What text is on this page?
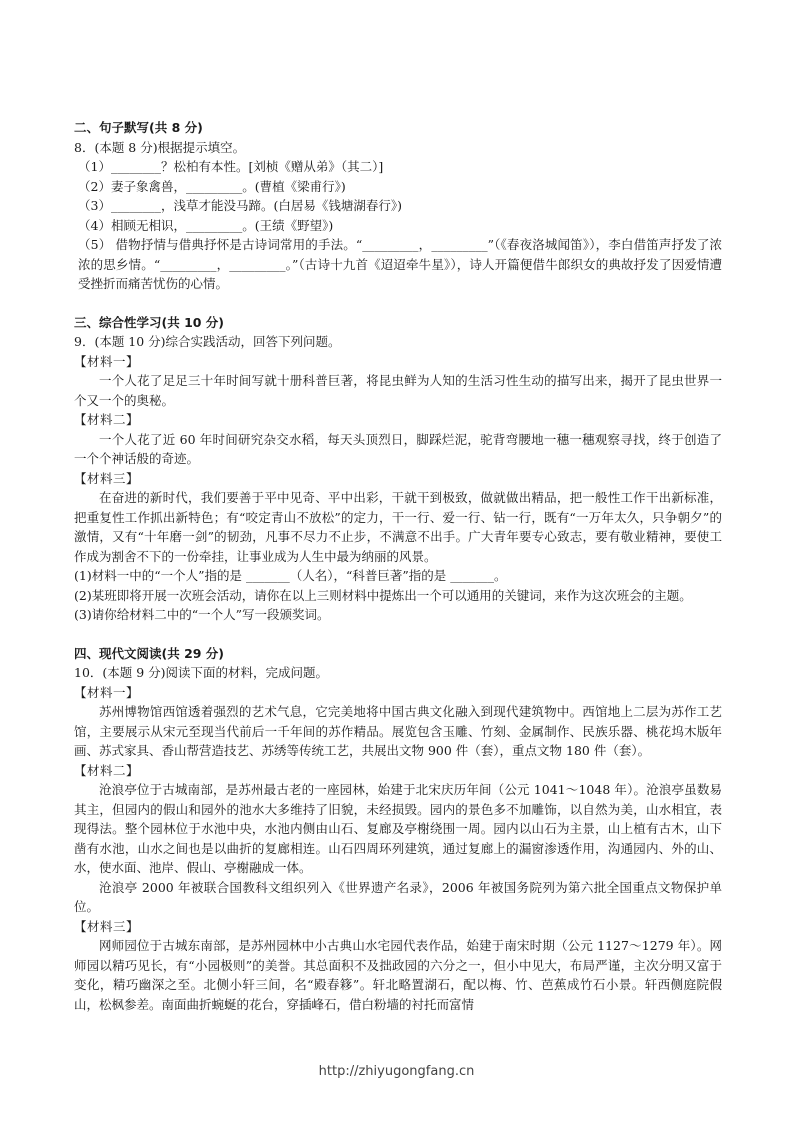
二、句子默写(共 8 分)

8．(本题 8 分)根据提示填空。

（1）________？松柏有本性。[刘桢《赠从弟》（其二）]

（2）妻子象禽兽，_________。(曹植《梁甫行》)

（3）________，浅草才能没马蹄。(白居易《钱塘湖春行》)

（4）相顾无相识，_________。(王绩《野望》)

（5） 借物抒情与借典抒怀是古诗词常用的手法。“_________，_________”（《春夜洛城闻笛》），李白借笛声抒发了浓浓的思乡情。“_________，_________。”（古诗十九首《迢迢牵牛星》），诗人开篇便借牛郎织女的典故抒发了因爱情遭受挫折而痛苦忧伤的心情。

三、综合性学习(共 10 分)

9．(本题 10 分)综合实践活动，回答下列问题。

【材料一】

一个人花了足足三十年时间写就十册科普巨著，将昆虫鲜为人知的生活习性生动的描写出来，揭开了昆虫世界一个又一个的奥秘。

【材料二】

一个人花了近 60 年时间研究杂交水稻，每天头顶烈日，脚踩烂泥，驼背弯腰地一穗一穗观察寻找，终于创造了一个个神话般的奇迹。

【材料三】

在奋进的新时代，我们要善于平中见奇、平中出彩，干就干到极致，做就做出精品，把一般性工作干出新标准，把重复性工作抓出新特色；有“咬定青山不放松”的定力，干一行、爱一行、钻一行，既有“一万年太久，只争朝夕”的激情，又有“十年磨一剑”的韧劲，凡事不尽力不止步，不满意不出手。广大青年要专心致志，要有敬业精神，要使工作成为割舍不下的一份牵挂，让事业成为人生中最为纳丽的风景。

(1)材料一中的“一个人”指的是 _______（人名），“科普巨著”指的是 _______。

(2)某班即将开展一次班会活动，请你在以上三则材料中提炼出一个可以通用的关键词，来作为这次班会的主题。

(3)请你给材料二中的“一个人”写一段颁奖词。

四、现代文阅读(共 29 分)

10．(本题 9 分)阅读下面的材料，完成问题。

【材料一】

苏州博物馆西馆透着强烈的艺术气息，它完美地将中国古典文化融入到现代建筑物中。西馆地上二层为苏作工艺馆，主要展示从宋元至现当代前后一千年间的苏作精品。展览包含玉雕、竹刻、金属制作、民族乐器、桃花坞木版年画、苏式家具、香山帮营造技艺、苏绣等传统工艺，共展出文物 900 件（套），重点文物 180 件（套）。

【材料二】

沧浪亭位于古城南部，是苏州最古老的一座园林，始建于北宋庆历年间（公元 1041～1048 年）。沧浪亭虽数易其主，但园内的假山和园外的池水大多维持了旧貌，未经损毁。园内的景色多不加雕饰，以自然为美，山水相宜，表现得法。整个园林位于水池中央，水池内侧由山石、复廊及亭榭绕围一周。园内以山石为主景，山上植有古木，山下凿有水池，山水之间也是以曲折的复廊相连。山石四周环列建筑，通过复廊上的漏窗渗透作用，沟通园内、外的山、水，使水面、池岸、假山、亭榭融成一体。

沧浪亭 2000 年被联合国教科文组织列入《世界遗产名录》，2006 年被国务院列为第六批全国重点文物保护单位。

【材料三】

网师园位于古城东南部，是苏州园林中小古典山水宅园代表作品，始建于南宋时期（公元 1127～1279 年）。网师园以精巧见长，有“小园极则”的美誉。其总面积不及拙政园的六分之一，但小中见大，布局严谨，主次分明又富于变化，精巧幽深之至。北侧小轩三间，名“殿春簃”。轩北略置湖石，配以梅、竹、芭蕉成竹石小景。轩西侧庭院假山，松枫参差。南面曲折蜿蜒的花台，穿插峰石，借白粉墙的衬托而富情

http://zhiyugongfang.cn
